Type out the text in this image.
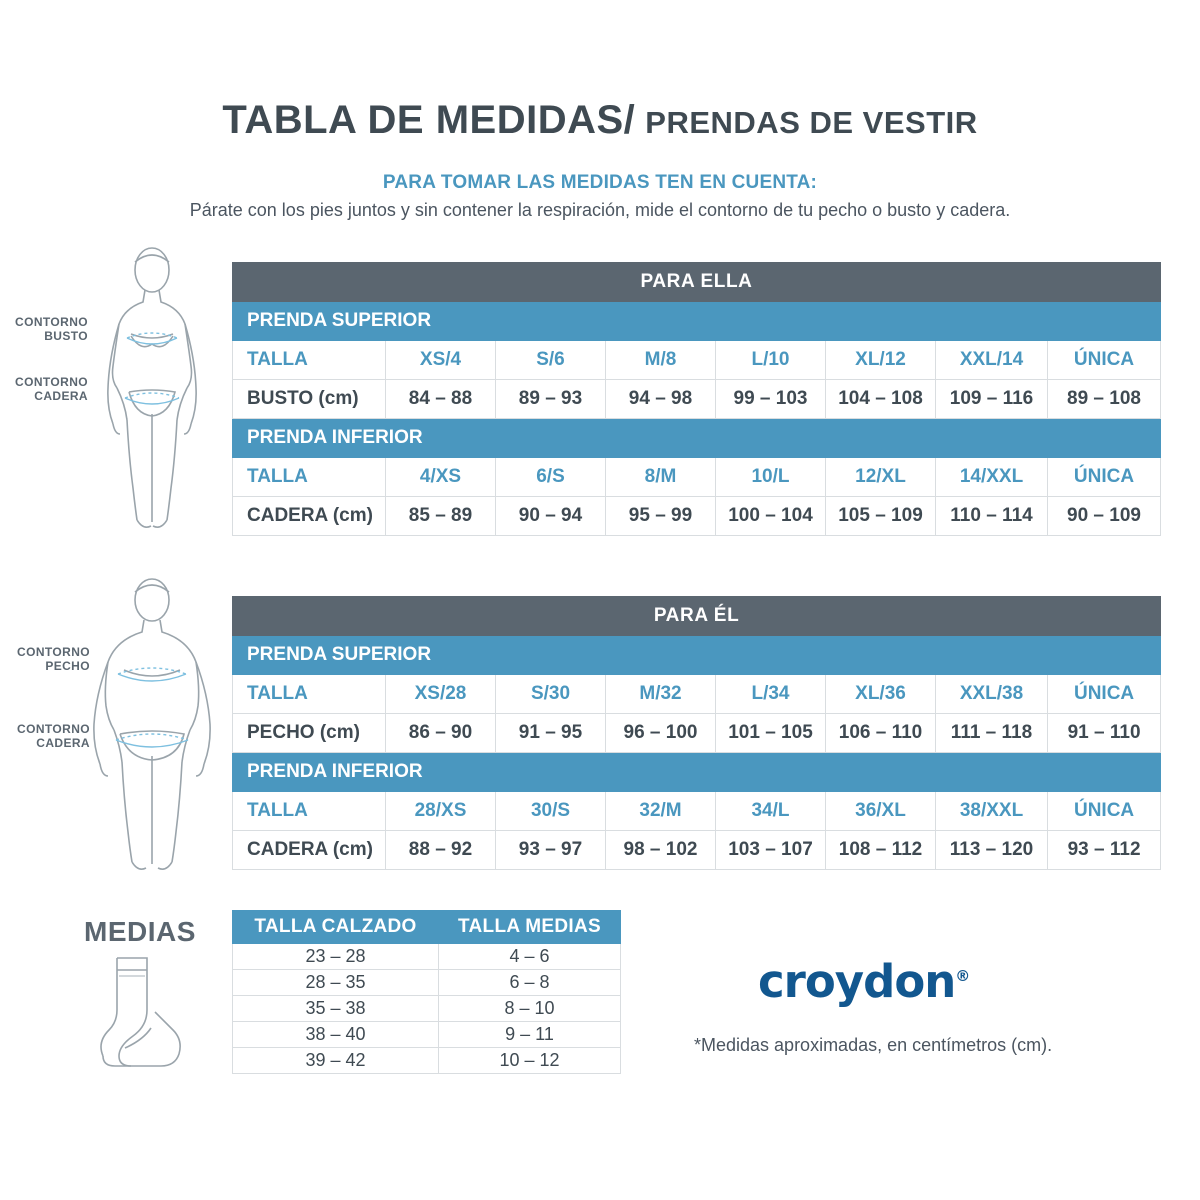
TABLA DE MEDIDAS/ PRENDAS DE VESTIR
PARA TOMAR LAS MEDIDAS TEN EN CUENTA:
Párate con los pies juntos y sin contener la respiración, mide el contorno de tu pecho o busto y cadera.
CONTORNO
BUSTO
CONTORNO
CADERA
CONTORNO
PECHO
CONTORNO
CADERA
PARA ELLA							
PRENDA SUPERIOR							
TALLA	XS/4	S/6	M/8	L/10	XL/12	XXL/14	ÚNICA
BUSTO (cm)	84 – 88	89 – 93	94 – 98	99 – 103	104 – 108	109 – 116	89 – 108
PRENDA INFERIOR							
TALLA	4/XS	6/S	8/M	10/L	12/XL	14/XXL	ÚNICA
CADERA (cm)	85 – 89	90 – 94	95 – 99	100 – 104	105 – 109	110 – 114	90 – 109
PARA ÉL							
PRENDA SUPERIOR							
TALLA	XS/28	S/30	M/32	L/34	XL/36	XXL/38	ÚNICA
PECHO (cm)	86 – 90	91 – 95	96 – 100	101 – 105	106 – 110	111 – 118	91 – 110
PRENDA INFERIOR							
TALLA	28/XS	30/S	32/M	34/L	36/XL	38/XXL	ÚNICA
CADERA (cm)	88 – 92	93 – 97	98 – 102	103 – 107	108 – 112	113 – 120	93 – 112
MEDIAS	TALLA CALZADO	TALLA MEDIAS
23 – 28	4 – 6
28 – 35	6 – 8
35 – 38	8 – 10
38 – 40	9 – 11
39 – 42	10 – 12
croydon®
*Medidas aproximadas, en centímetros (cm).
